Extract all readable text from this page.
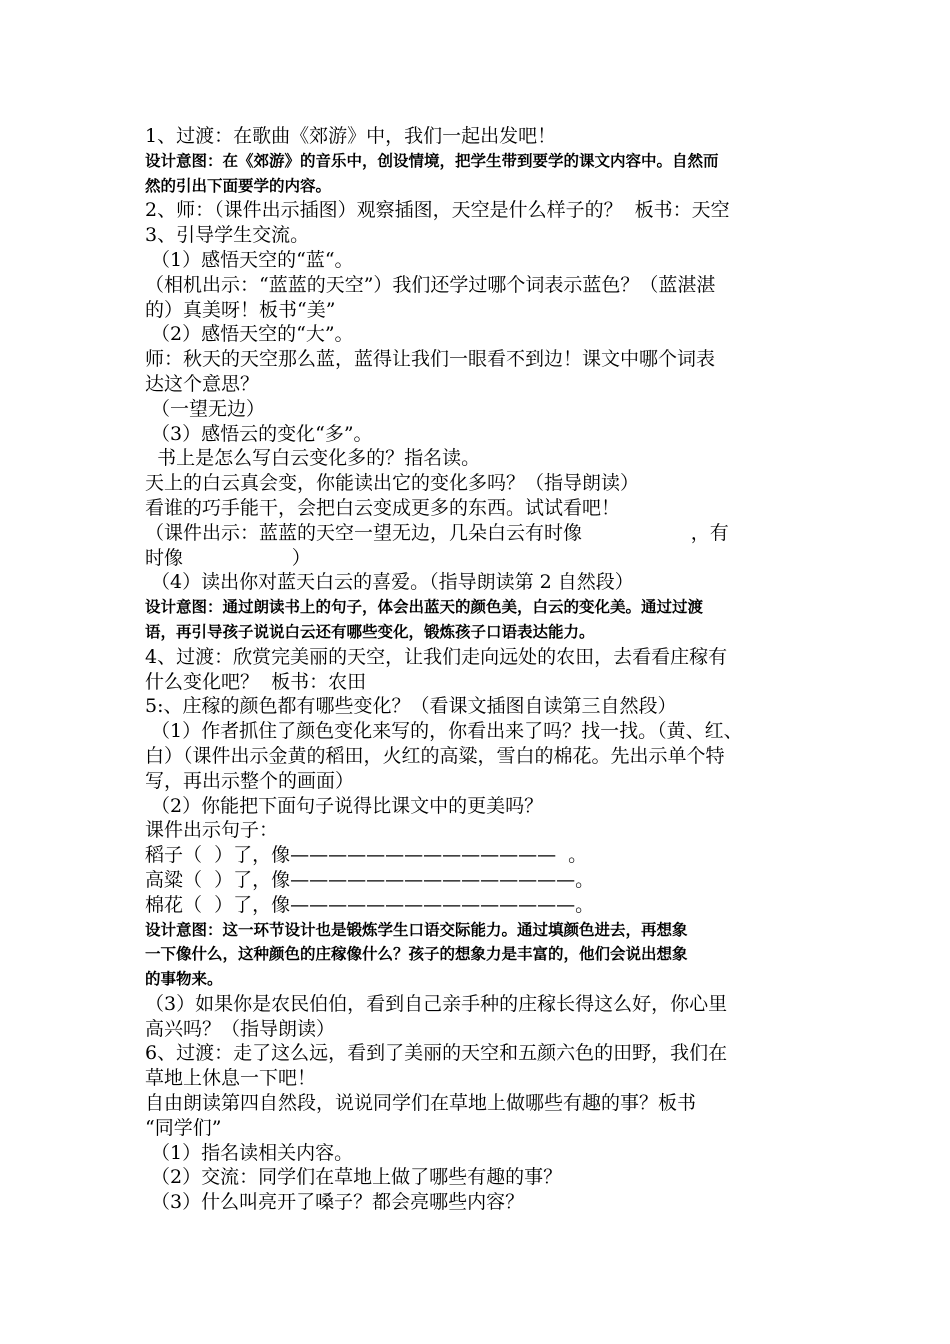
1、过渡：在歌曲《郊游》中，我们一起出发吧！
设计意图：在《郊游》的音乐中，创设情境，把学生带到要学的课文内容中。自然而
然的引出下面要学的内容。
2、师：（课件出示插图）观察插图，天空是什么样子的？  板书：天空
3、引导学生交流。
（1）感悟天空的“蓝“。
（相机出示：“蓝蓝的天空”）我们还学过哪个词表示蓝色？（蓝湛湛
的）真美呀！板书“美”
（2）感悟天空的“大”。
师：秋天的天空那么蓝，蓝得让我们一眼看不到边！课文中哪个词表
达这个意思？
（一望无边）
（3）感悟云的变化“多”。
书上是怎么写白云变化多的？指名读。
天上的白云真会变，你能读出它的变化多吗？（指导朗读）
看谁的巧手能干，会把白云变成更多的东西。试试看吧！
（课件出示：蓝蓝的天空一望无边，几朵白云有时像                  ，有
时像                  ）
（4）读出你对蓝天白云的喜爱。（指导朗读第 2 自然段）
设计意图：通过朗读书上的句子，体会出蓝天的颜色美，白云的变化美。通过过渡
语，再引导孩子说说白云还有哪些变化，锻炼孩子口语表达能力。
4、过渡：欣赏完美丽的天空，让我们走向远处的农田，去看看庄稼有
什么变化吧？  板书：农田
5:、庄稼的颜色都有哪些变化？（看课文插图自读第三自然段）
（1）作者抓住了颜色变化来写的，你看出来了吗？找一找。（黄、红、
白）（课件出示金黄的稻田，火红的高粱，雪白的棉花。先出示单个特
写，再出示整个的画面）
（2）你能把下面句子说得比课文中的更美吗？
课件出示句子：
稻子（  ）了，像——————————————  。
高粱（  ）了，像———————————————。
棉花（  ）了，像———————————————。
设计意图：这一环节设计也是锻炼学生口语交际能力。通过填颜色进去，再想象
一下像什么，这种颜色的庄稼像什么？孩子的想象力是丰富的，他们会说出想象
的事物来。
（3）如果你是农民伯伯，看到自己亲手种的庄稼长得这么好，你心里
高兴吗？（指导朗读）
6、过渡：走了这么远，看到了美丽的天空和五颜六色的田野，我们在
草地上休息一下吧！
自由朗读第四自然段，说说同学们在草地上做哪些有趣的事？板书
“同学们”
（1）指名读相关内容。
（2）交流：同学们在草地上做了哪些有趣的事？
（3）什么叫亮开了嗓子？都会亮哪些内容？
